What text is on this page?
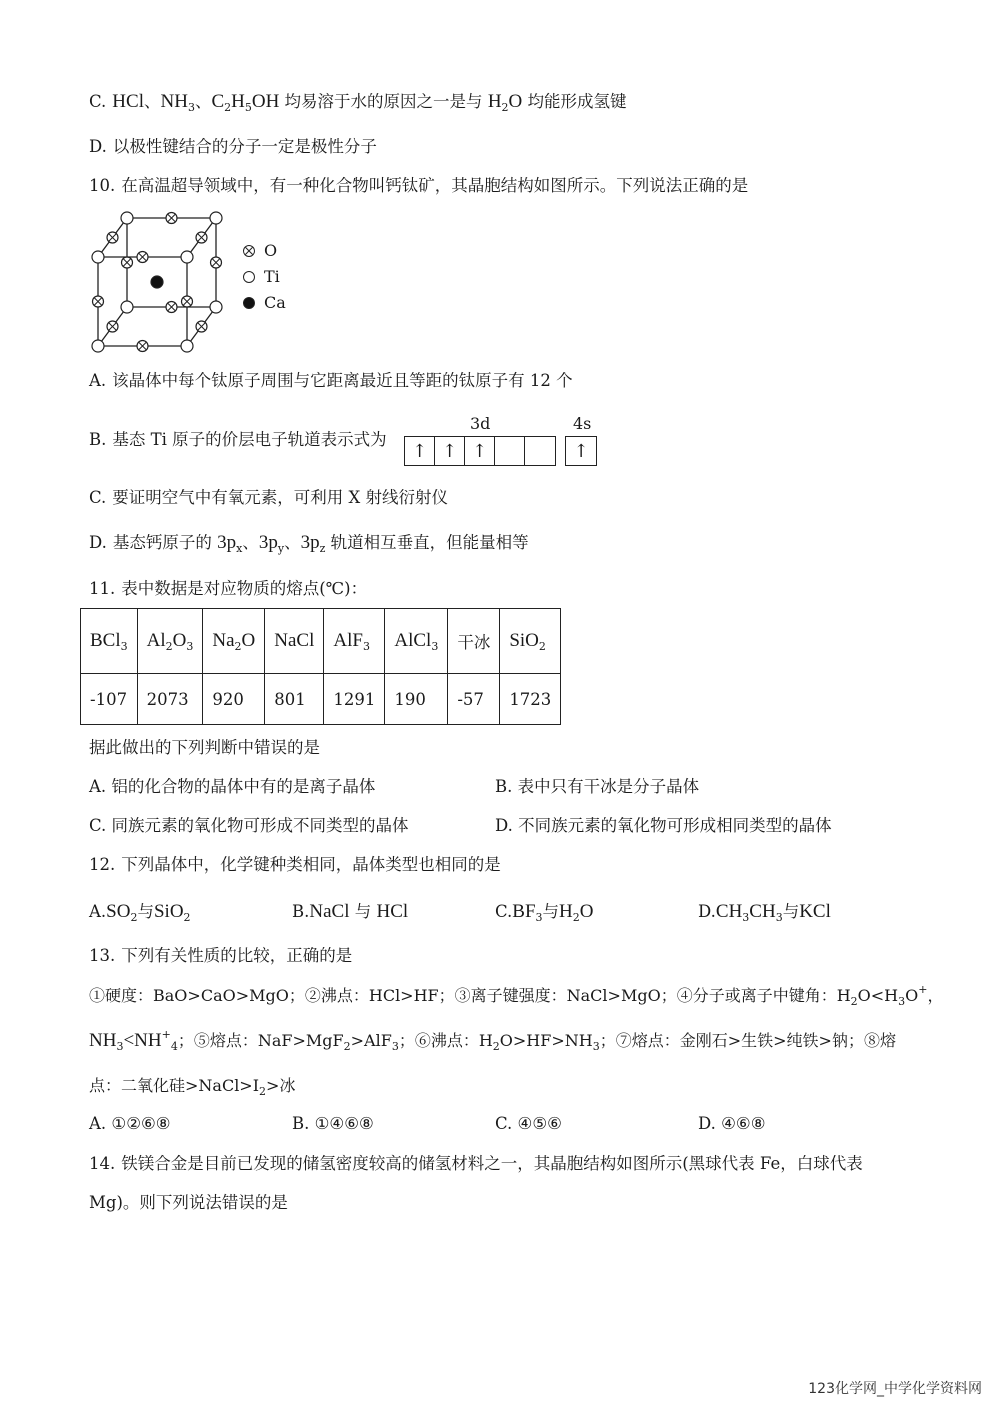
C. HCl、$NH_3$、$C_2H_5OH$ 均易溶于水的原因之一是与 $H_2O$ 均能形成氢键
D. 以极性键结合的分子一定是极性分子
10. 在高温超导领域中，有一种化合物叫钙钛矿，其晶胞结构如图所示。下列说法正确的是
O
Ti
Ca
A. 该晶体中每个钛原子周围与它距离最近且等距的钛原子有 12 个
B. 基态 Ti 原子的价层电子轨道表示式为
3d	4s
↑ ↑ ↑	↑
C. 要证明空气中有氧元素，可利用 X 射线衍射仪
D. 基态钙原子的 $3p_x$、$3p_y$、$3p_z$ 轨道相互垂直，但能量相等
11. 表中数据是对应物质的熔点(℃)：
BCl$_3$	$Al_2O_3$	$Na_2O$	NaCl	AlF$_3$	AlCl$_3$	干冰	SiO$_2$
-107	2073	920	801	1291	190	-57	1723
据此做出的下列判断中错误的是
A. 铝的化合物的晶体中有的是离子晶体	B. 表中只有干冰是分子晶体
C. 同族元素的氧化物可形成不同类型的晶体	D. 不同族元素的氧化物可形成相同类型的晶体
12. 下列晶体中，化学键种类相同，晶体类型也相同的是
$A.SO_2$与SiO$_2$	B.NaCl 与 HCl	$C.BF_3$与$H_2O$	$D.CH_3CH_3$与KCl
13. 下列有关性质的比较，正确的是
①硬度：BaO>CaO>MgO；②沸点：HCl>HF；③离子键强度：NaCl>MgO；④分子或离子中键角：$H_2O<H_3O^+$，
$NH_3<NH^+_4$；⑤熔点：NaF>MgF$_2$>AlF$_3$；⑥沸点：$H_2O>HF>NH_3$；⑦熔点：金刚石>生铁>纯铁>钠；⑧熔
点：二氧化硅$>NaCl>I_2>$冰
A. ①②⑥⑧	B. ①④⑥⑧	C. ④⑤⑥	D. ④⑥⑧
14. 铁镁合金是目前已发现的储氢密度较高的储氢材料之一，其晶胞结构如图所示(黑球代表 Fe，白球代表
Mg)。则下列说法错误的是
123化学网_中学化学资料网
